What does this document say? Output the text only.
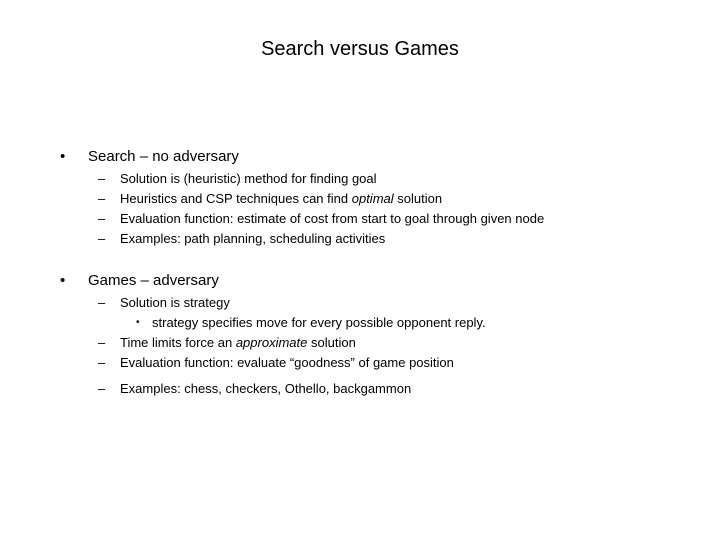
Search versus Games
•	Search – no adversary
– Solution is (heuristic) method for finding goal
– Heuristics and CSP techniques can find optimal solution
– Evaluation function: estimate of cost from start to goal through given node
– Examples: path planning, scheduling activities
•	Games – adversary
– Solution is strategy
• strategy specifies move for every possible opponent reply.
– Time limits force an approximate solution
– Evaluation function: evaluate “goodness” of game position
– Examples: chess, checkers, Othello, backgammon
